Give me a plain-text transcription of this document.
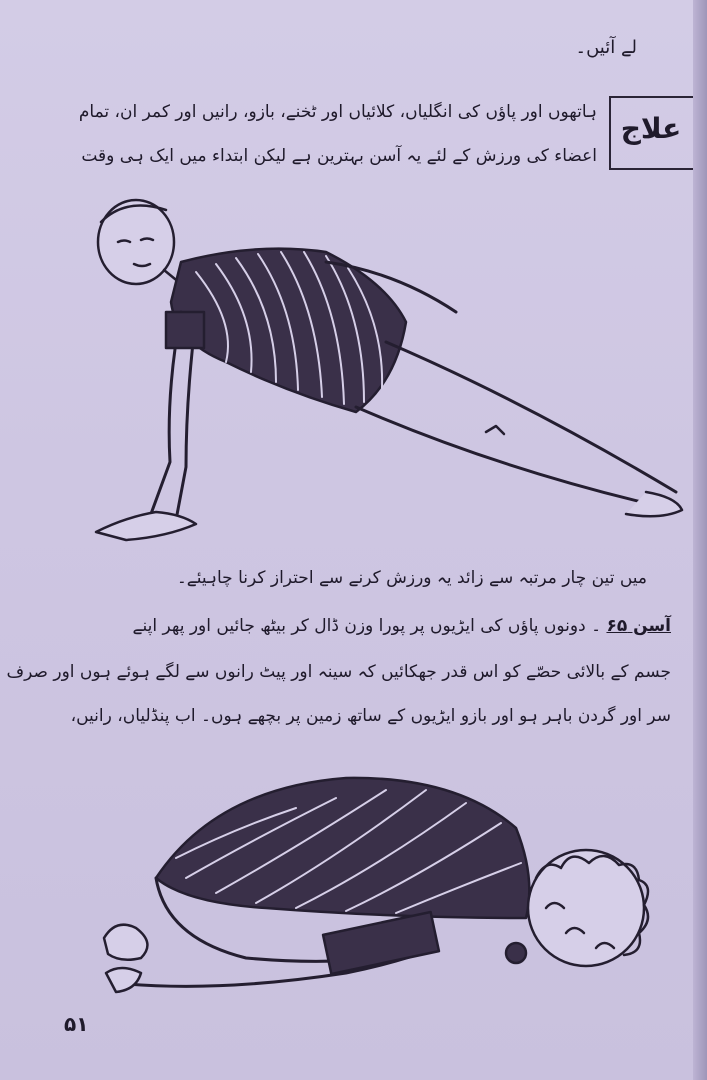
لے آئیں۔
علاج
ہاتھوں اور پاؤں کی انگلیاں، کلائیاں اور ٹخنے، بازو، رانیں اور کمر ان، تمام
اعضاء کی ورزش کے لئے یہ آسن بہترین ہے لیکن ابتداء میں ایک ہی وقت
میں تین چار مرتبہ سے زائد یہ ورزش کرنے سے احتراز کرنا چاہیئے۔
آسن ۶۵ ۔ دونوں پاؤں کی ایڑیوں پر پورا وزن ڈال کر بیٹھ جائیں اور پھر اپنے
جسم کے بالائی حصّے کو اس قدر جھکائیں کہ سینہ اور پیٹ رانوں سے لگے ہوئے ہوں اور صرف
سر اور گردن باہر ہو اور بازو ایڑیوں کے ساتھ زمین پر بچھے ہوں۔ اب پنڈلیاں، رانیں،
۵۱
